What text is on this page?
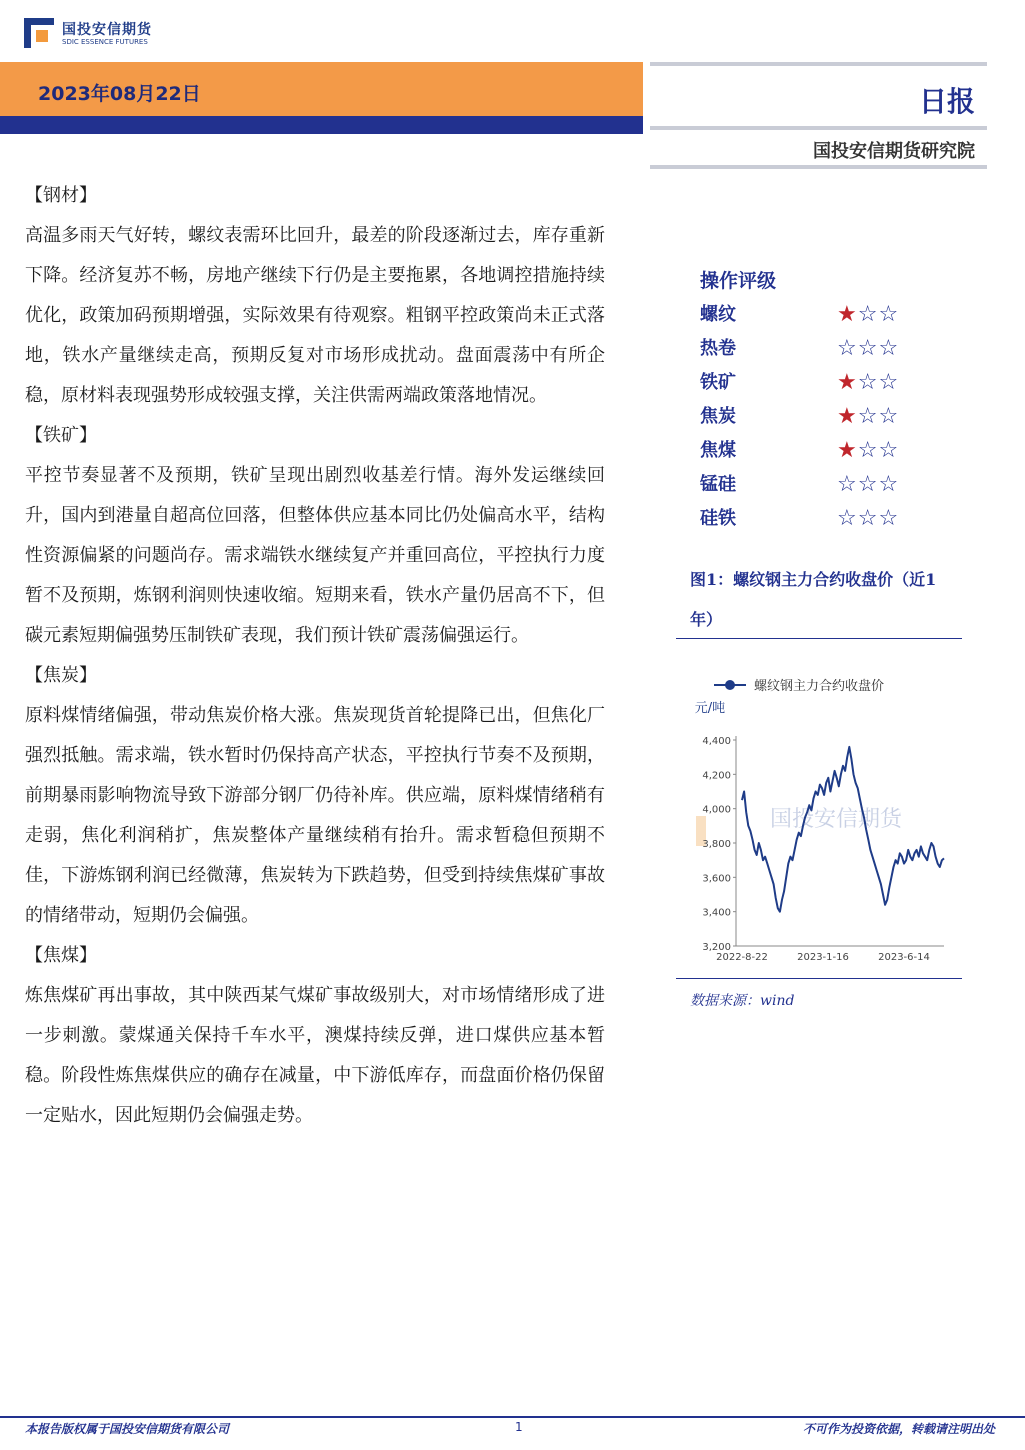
国投安信期货
SDIC ESSENCE FUTURES
2023年08月22日	日报
国投安信期货研究院
【钢材】
高温多雨天气好转，螺纹表需环比回升，最差的阶段逐渐过去，库存重新下降。经济复苏不畅，房地产继续下行仍是主要拖累，各地调控措施持续优化，政策加码预期增强，实际效果有待观察。粗钢平控政策尚未正式落地，铁水产量继续走高，预期反复对市场形成扰动。盘面震荡中有所企稳，原材料表现强势形成较强支撑，关注供需两端政策落地情况。
【铁矿】
平控节奏显著不及预期，铁矿呈现出剧烈收基差行情。海外发运继续回升，国内到港量自超高位回落，但整体供应基本同比仍处偏高水平，结构性资源偏紧的问题尚存。需求端铁水继续复产并重回高位，平控执行力度暂不及预期，炼钢利润则快速收缩。短期来看，铁水产量仍居高不下，但碳元素短期偏强势压制铁矿表现，我们预计铁矿震荡偏强运行。
【焦炭】
原料煤情绪偏强，带动焦炭价格大涨。焦炭现货首轮提降已出，但焦化厂强烈抵触。需求端，铁水暂时仍保持高产状态，平控执行节奏不及预期，前期暴雨影响物流导致下游部分钢厂仍待补库。供应端，原料煤情绪稍有走弱，焦化利润稍扩，焦炭整体产量继续稍有抬升。需求暂稳但预期不佳，下游炼钢利润已经微薄，焦炭转为下跌趋势，但受到持续焦煤矿事故的情绪带动，短期仍会偏强。
【焦煤】
炼焦煤矿再出事故，其中陕西某气煤矿事故级别大，对市场情绪形成了进一步刺激。蒙煤通关保持千车水平，澳煤持续反弹，进口煤供应基本暂稳。阶段性炼焦煤供应的确存在减量，中下游低库存，而盘面价格仍保留一定贴水，因此短期仍会偏强走势。
操作评级
螺纹	★☆☆
热卷	☆☆☆
铁矿	★☆☆
焦炭	★☆☆
焦煤	★☆☆
锰硅	☆☆☆
硅铁	☆☆☆
图1：螺纹钢主力合约收盘价（近1年）
国投安信期货
螺纹钢主力合约收盘价
元/吨
3,200
3,400
3,600
3,800
4,000
4,200
4,400
2022-8-22	2023-1-16	2023-6-14
数据来源：wind
本报告版权属于国投安信期货有限公司	1	不可作为投资依据，转载请注明出处
